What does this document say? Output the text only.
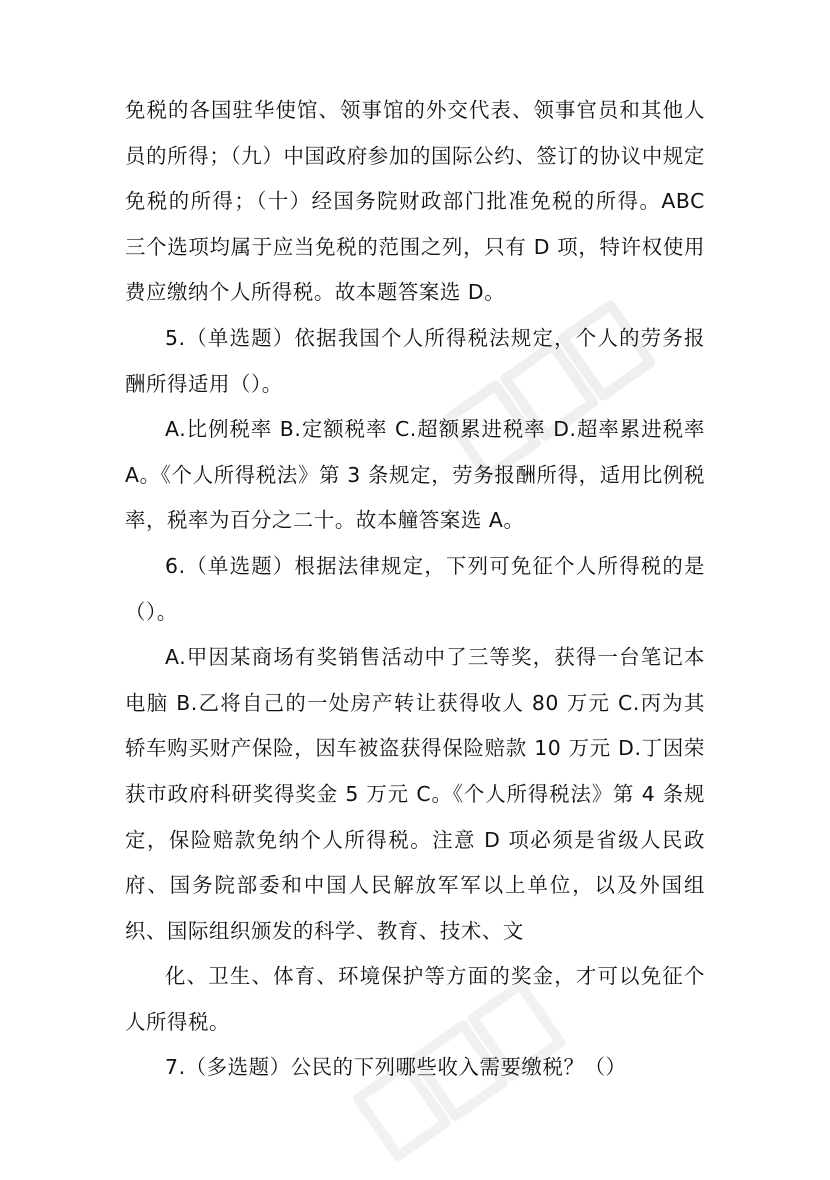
免税的各国驻华使馆、领事馆的外交代表、领事官员和其他人员的所得；（九）中国政府参加的国际公约、签订的协议中规定免税的所得；（十）经国务院财政部门批准免税的所得。ABC 三个选项均属于应当免税的范围之列，只有 D 项，特许权使用费应缴纳个人所得税。故本题答案选 D。

5.（单选题）依据我国个人所得税法规定，个人的劳务报酬所得适用（）。

A.比例税率 B.定额税率 C.超额累进税率 D.超率累进税率 A。《个人所得税法》第 3 条规定，劳务报酬所得，适用比例税率，税率为百分之二十。故本艟答案选 A。

6.（单选题）根据法律规定，下列可免征个人所得税的是（）。

A.甲因某商场有奖销售活动中了三等奖，获得一台笔记本电脑 B.乙将自己的一处房产转让获得收人 80 万元 C.丙为其轿车购买财产保险，因车被盗获得保险赔款 10 万元 D.丁因荣获市政府科研奖得奖金 5 万元 C。《个人所得税法》第 4 条规定，保险赔款免纳个人所得税。注意 D 项必须是省级人民政府、国务院部委和中国人民解放军军以上单位，以及外国组织、国际组织颁发的科学、教育、技术、文

化、卫生、体育、环境保护等方面的奖金，才可以免征个人所得税。

7.（多选题）公民的下列哪些收入需要缴税？（）
